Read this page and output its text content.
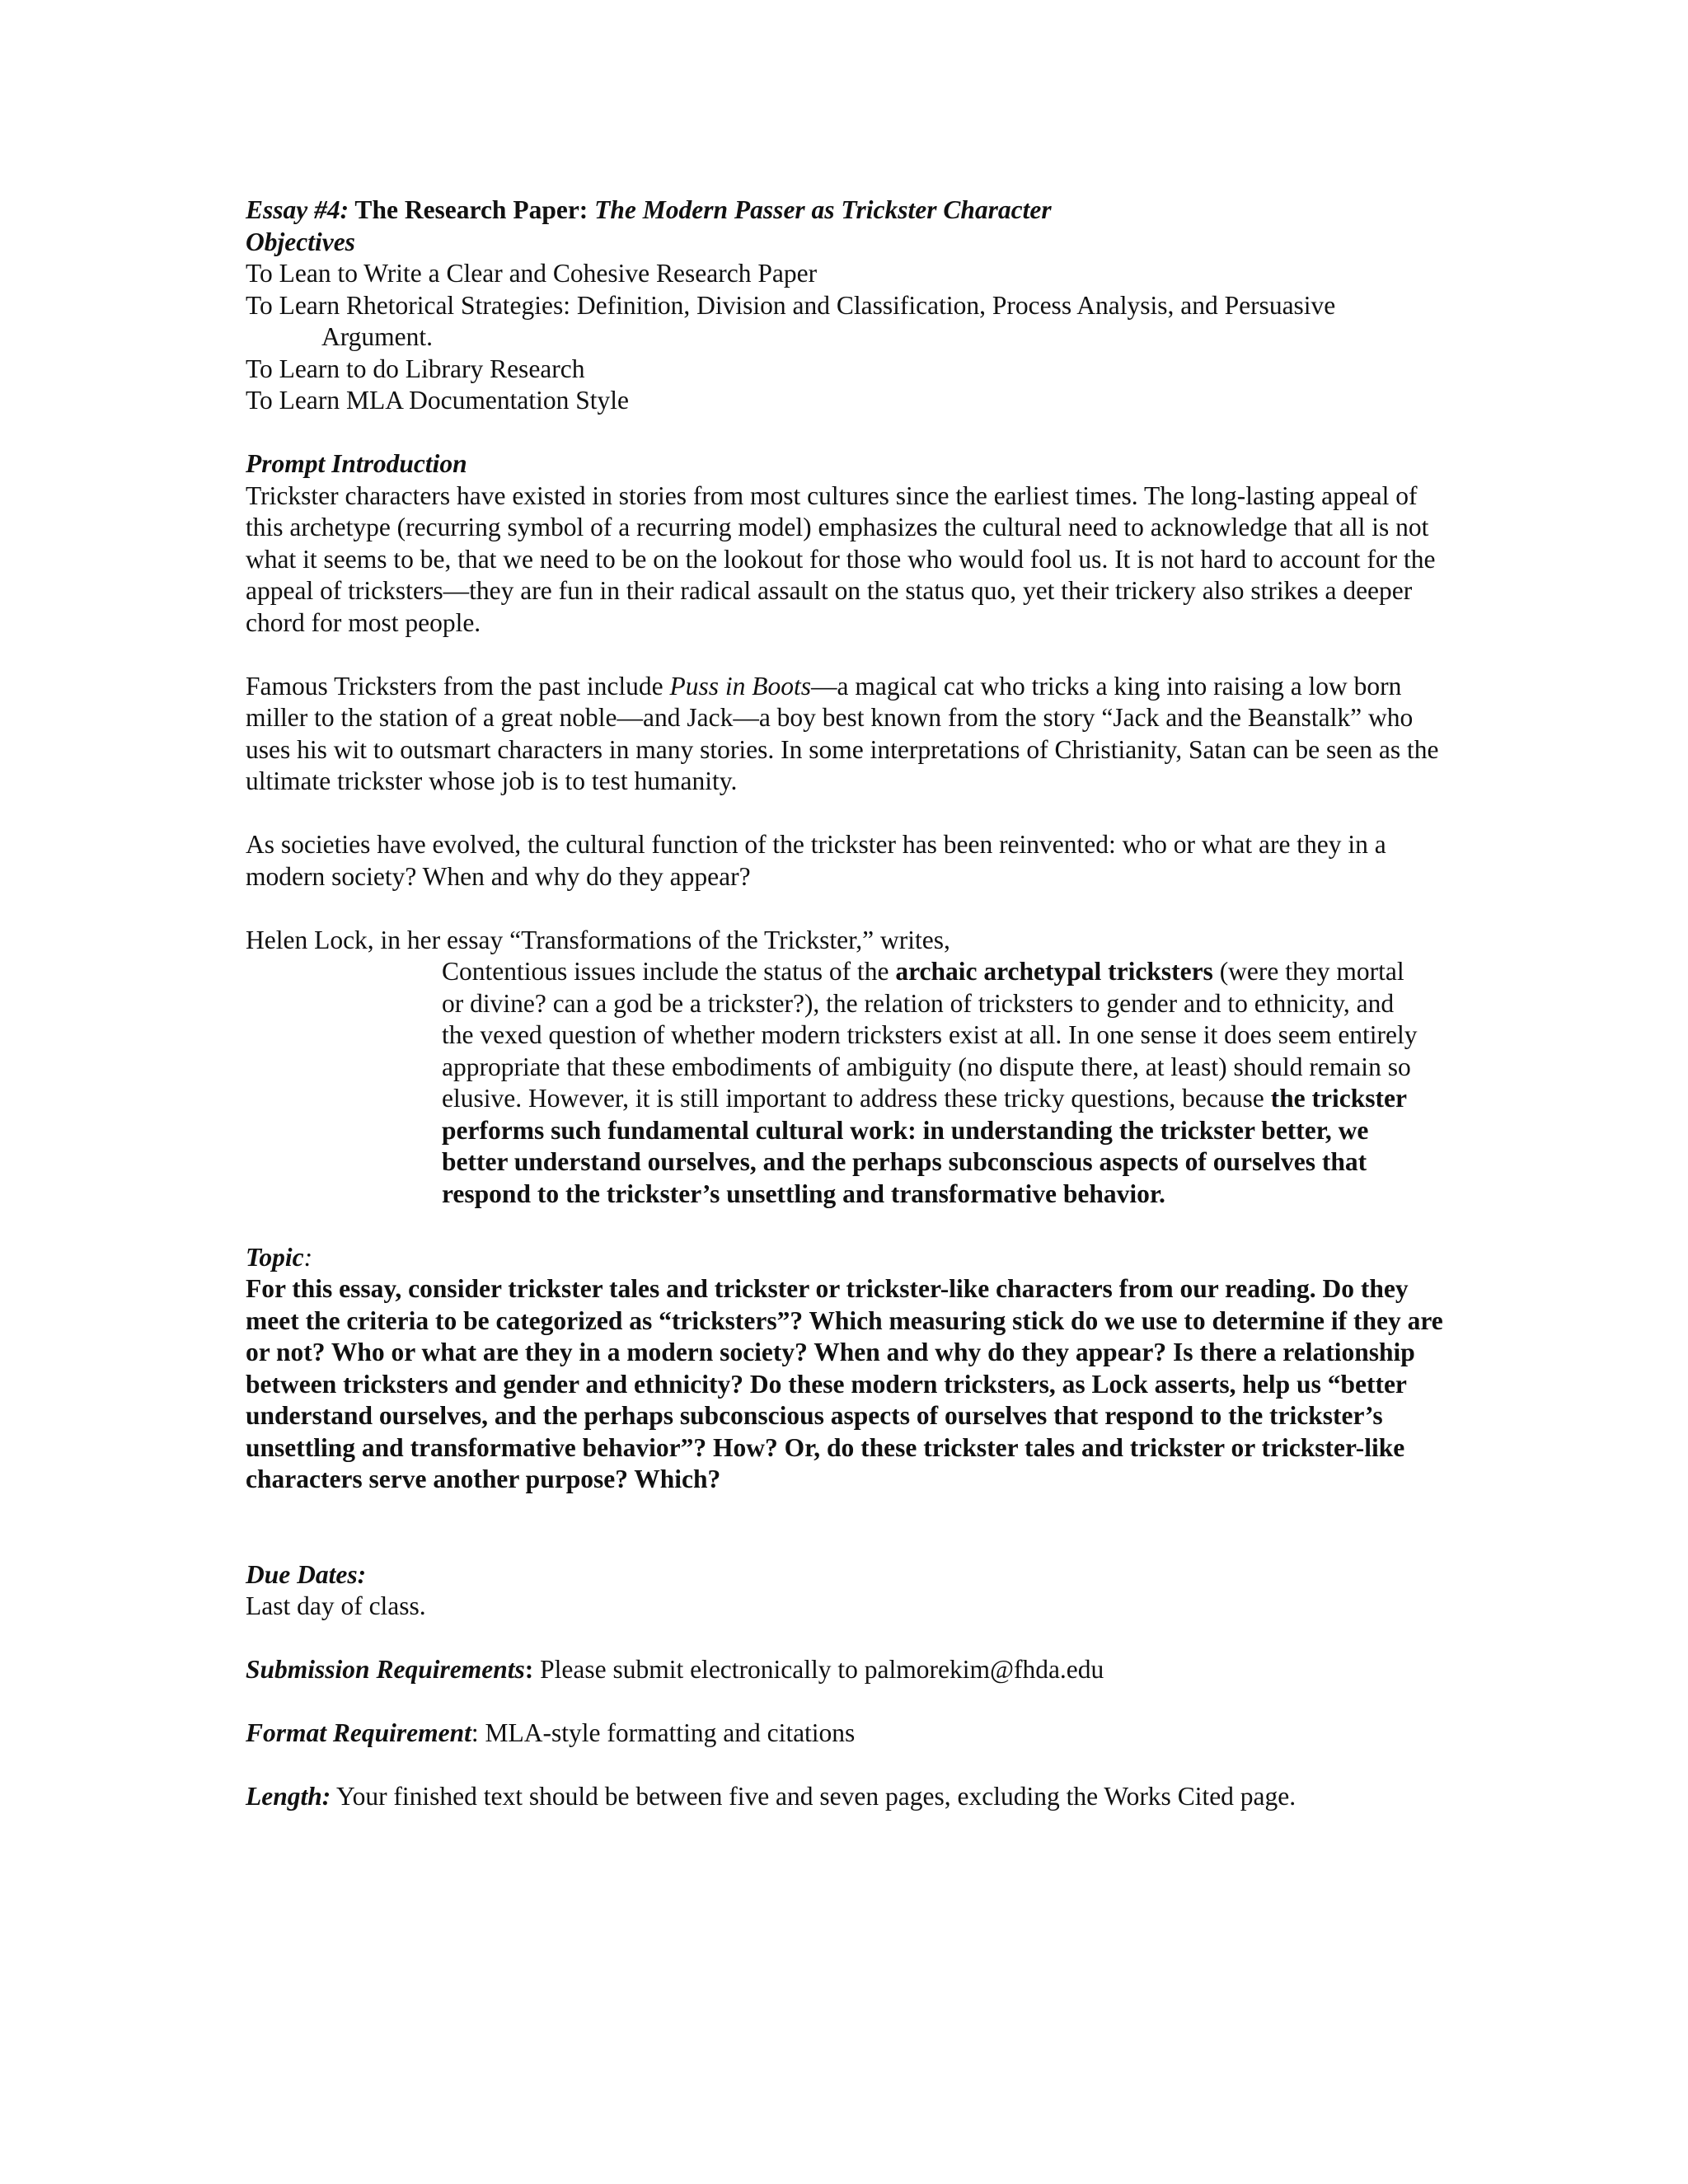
Essay #4: The Research Paper: The Modern Passer as Trickster Character

Objectives

To Lean to Write a Clear and Cohesive Research Paper

To Learn Rhetorical Strategies: Definition, Division and Classification, Process Analysis, and Persuasive Argument.

To Learn to do Library Research

To Learn MLA Documentation Style

Prompt Introduction

Trickster characters have existed in stories from most cultures since the earliest times. The long-lasting appeal of this archetype (recurring symbol of a recurring model) emphasizes the cultural need to acknowledge that all is not what it seems to be, that we need to be on the lookout for those who would fool us. It is not hard to account for the appeal of tricksters—they are fun in their radical assault on the status quo, yet their trickery also strikes a deeper chord for most people.

Famous Tricksters from the past include Puss in Boots—a magical cat who tricks a king into raising a low born miller to the station of a great noble—and Jack—a boy best known from the story “Jack and the Beanstalk” who uses his wit to outsmart characters in many stories. In some interpretations of Christianity, Satan can be seen as the ultimate trickster whose job is to test humanity.

As societies have evolved, the cultural function of the trickster has been reinvented: who or what are they in a modern society? When and why do they appear?

Helen Lock, in her essay “Transformations of the Trickster,” writes,

Contentious issues include the status of the archaic archetypal tricksters (were they mortal or divine? can a god be a trickster?), the relation of tricksters to gender and to ethnicity, and the vexed question of whether modern tricksters exist at all. In one sense it does seem entirely appropriate that these embodiments of ambiguity (no dispute there, at least) should remain so elusive. However, it is still important to address these tricky questions, because the trickster performs such fundamental cultural work: in understanding the trickster better, we better understand ourselves, and the perhaps subconscious aspects of ourselves that respond to the trickster’s unsettling and transformative behavior.

Topic:

For this essay, consider trickster tales and trickster or trickster-like characters from our reading. Do they meet the criteria to be categorized as “tricksters”? Which measuring stick do we use to determine if they are or not? Who or what are they in a modern society? When and why do they appear? Is there a relationship between tricksters and gender and ethnicity? Do these modern tricksters, as Lock asserts, help us “better understand ourselves, and the perhaps subconscious aspects of ourselves that respond to the trickster’s unsettling and transformative behavior”? How? Or, do these trickster tales and trickster or trickster-like characters serve another purpose? Which?

Due Dates:

Last day of class.

Submission Requirements: Please submit electronically to palmorekim@fhda.edu

Format Requirement: MLA-style formatting and citations

Length: Your finished text should be between five and seven pages, excluding the Works Cited page.
